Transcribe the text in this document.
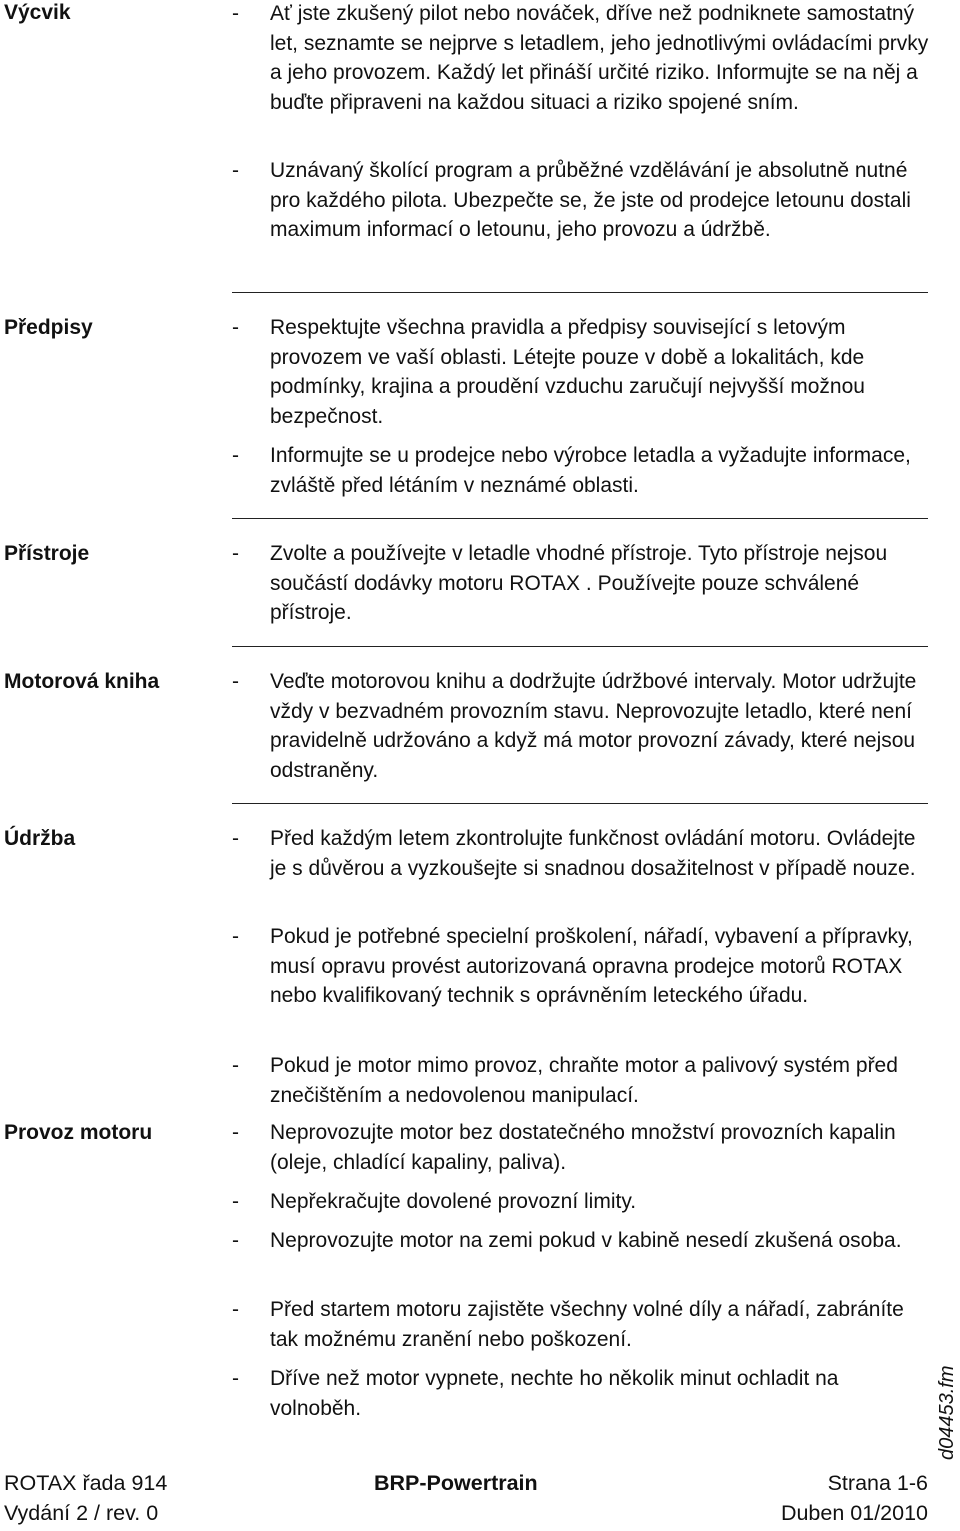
Výcvik	- Ať jste zkušený pilot nebo nováček, dříve než podniknete samostatný let, seznamte se nejprve s letadlem, jeho jednotlivými ovládacími prvky a jeho provozem. Každý let přináší určité riziko. Informujte se na něj a buďte připraveni na každou situaci a riziko spojené sním.
- Uznávaný školící program a průběžné vzdělávání je absolutně nutné pro každého pilota. Ubezpečte se, že jste od prodejce letounu dostali maximum informací o letounu, jeho provozu a údržbě.
Předpisy	- Respektujte všechna pravidla a předpisy související s letovým provozem ve vaší oblasti. Létejte pouze v době a lokalitách, kde podmínky, krajina a proudění vzduchu zaručují nejvyšší možnou bezpečnost.
- Informujte se u prodejce nebo výrobce letadla a vyžadujte informace, zvláště před létáním v neznámé oblasti.
Přístroje	- Zvolte a používejte v letadle vhodné přístroje. Tyto přístroje nejsou součástí dodávky motoru ROTAX . Používejte pouze schválené přístroje.
Motorová kniha	- Veďte motorovou knihu a dodržujte údržbové intervaly. Motor udržujte vždy v bezvadném provozním stavu. Neprovozujte letadlo, které není pravidelně udržováno a když má motor provozní závady, které nejsou odstraněny.
Údržba	- Před každým letem zkontrolujte funkčnost ovládání motoru. Ovládejte je s důvěrou a vyzkoušejte si snadnou dosažitelnost v případě nouze.
- Pokud je potřebné specielní proškolení, nářadí, vybavení a přípravky, musí opravu provést autorizovaná opravna prodejce motorů ROTAX nebo kvalifikovaný technik s oprávněním leteckého úřadu.
- Pokud je motor mimo provoz, chraňte motor a palivový systém před znečištěním a nedovolenou manipulací.
Provoz motoru	- Neprovozujte motor bez dostatečného množství provozních kapalin (oleje, chladící kapaliny, paliva).
- Nepřekračujte dovolené provozní limity.
- Neprovozujte motor na zemi pokud v kabině nesedí zkušená osoba.
- Před startem motoru zajistěte všechny volné díly a nářadí, zabráníte tak možnému zranění nebo poškození.
- Dříve než motor vypnete, nechte ho několik minut ochladit na volnoběh.	d04453.fm
ROTAX řada 914	BRP-Powertrain	Strana 1-6
Vydání 2 / rev. 0	Duben 01/2010
